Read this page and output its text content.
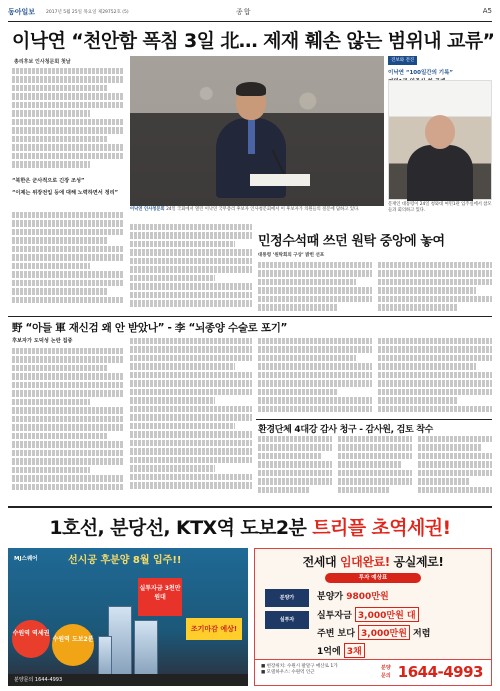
동아일보 2017년 5월 25일 목요일 제29752호 (5)	종합	A5
이낙연 “천안함 폭침 3일 北… 제재 훼손 않는 범위내 교류”
총리후보 인사청문회 첫날
“북한은 군사적으로 긴장 조성”
“이제는 위장전입 등에 대해 노력하면서 정리”
이낙연 인사청문회 24일 국회에서 열린 이낙연 국무총리 후보자 인사청문회에서 이 후보자가 의원들의 질문에 답하고 있다.
진보와 전진
이낙연 “100일간의 기록”
문재인 대통령이 24일 청와대 여민1관 입주실에서 참모들과 회의하고 있다.
민정수석때 쓰던 원탁 중앙에 놓여
대통령 ‘원탁회의 구상’ 밝힌 선포
野 “아들 軍 재신검 왜 안 받았나” - 李 “뇌종양 수술로 포기”
후보자가 도덕성 논란 집중
환경단체 4대강 감사 청구 - 감사원, 검토 착수
1호선, 분당선, KTX역 도보2분 트리플 초역세권!
MJ스퀘어	선시공 후분양 8월 입주!!
실투자금 3천만원대
조기마감 예상!
수원역 역세권
수원역 도보2분
분양문의 1644-4993
전세대 임대완료! 공실제로!
투자 예상표
분양가
실투자
분양가 9800만원
실투자금 3,000만원 대
주변 보다 3,000만원 저렴
1억에 3채
■ 현장위치: 수원시 팔달구 매산로 1가
■ 모델하우스: 수원역 인근
분양
문의 1644-4993
